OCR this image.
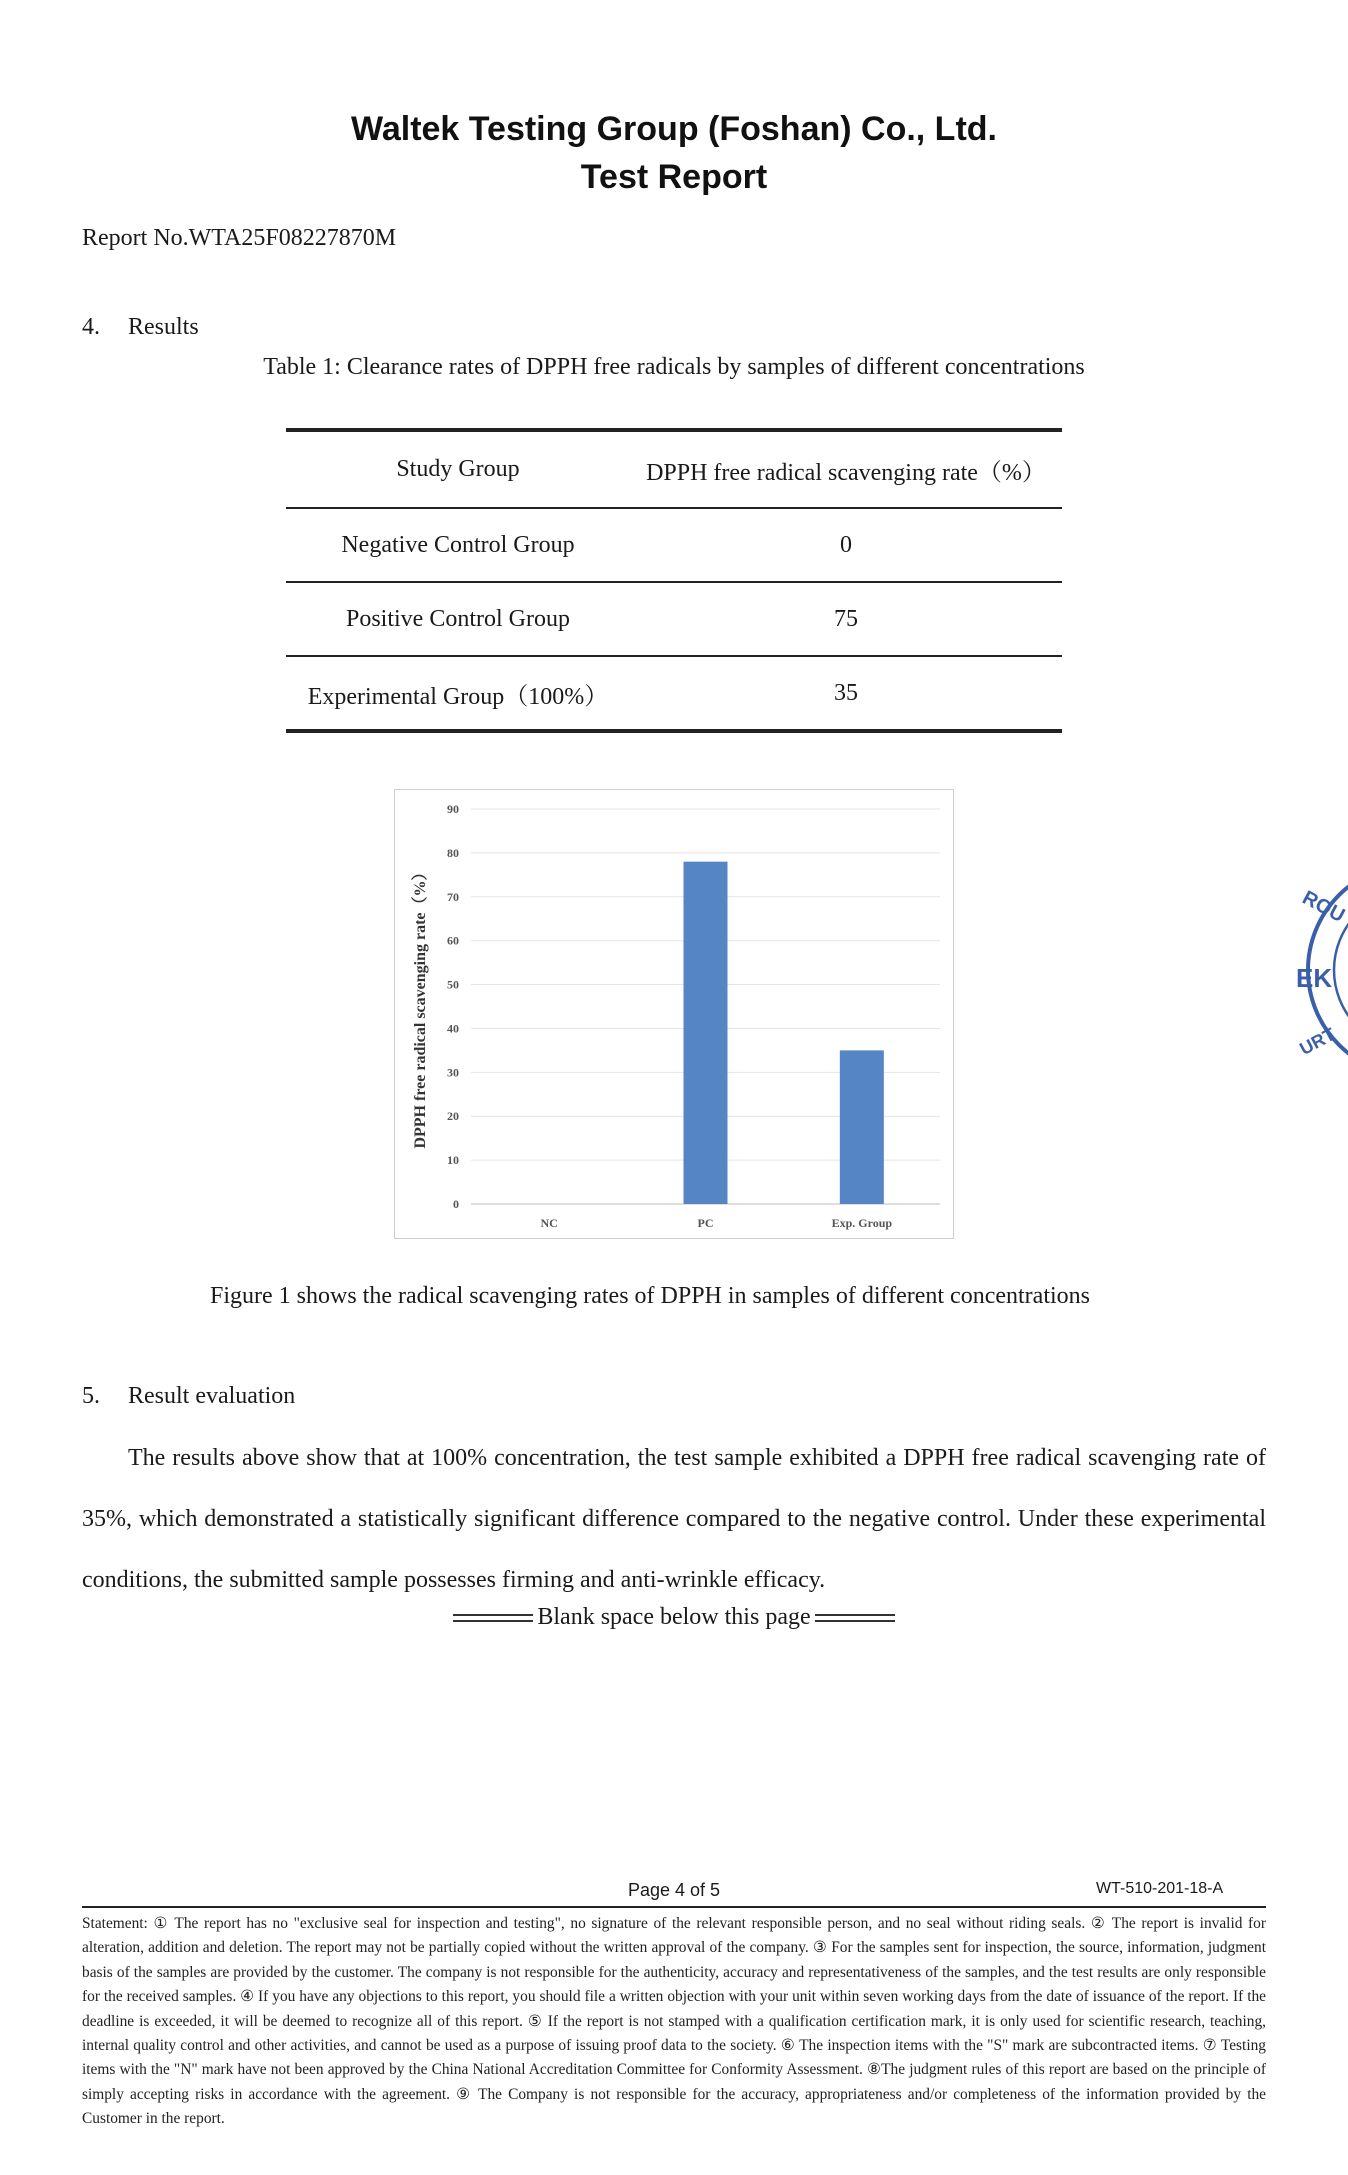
Waltek Testing Group (Foshan) Co., Ltd.
Test Report
Report No.WTA25F08227870M
4. Results
Table 1: Clearance rates of DPPH free radicals by samples of different concentrations
Study Group	DPPH free radical scavenging rate（%）
Negative Control Group	0
Positive Control Group	75
Experimental Group（100%）	35
0
10
20
30
40
50
60
70
80
90
NC	PC	Exp. Group
DPPH free radical scavenging rate（%）
Figure 1 shows the radical scavenging rates of DPPH in samples of different concentrations
5. Result evaluation
The results above show that at 100% concentration, the test sample exhibited a DPPH free radical scavenging rate of 35%, which demonstrated a statistically significant difference compared to the negative control. Under these experimental conditions, the submitted sample possesses firming and anti-wrinkle efficacy.
Blank space below this page
Page 4 of 5	WT-510-201-18-A
Statement: ① The report has no "exclusive seal for inspection and testing", no signature of the relevant responsible person, and no seal without riding seals. ② The report is invalid for alteration, addition and deletion. The report may not be partially copied without the written approval of the company. ③ For the samples sent for inspection, the source, information, judgment basis of the samples are provided by the customer. The company is not responsible for the authenticity, accuracy and representativeness of the samples, and the test results are only responsible for the received samples. ④ If you have any objections to this report, you should file a written objection with your unit within seven working days from the date of issuance of the report. If the deadline is exceeded, it will be deemed to recognize all of this report. ⑤ If the report is not stamped with a qualification certification mark, it is only used for scientific research, teaching, internal quality control and other activities, and cannot be used as a purpose of issuing proof data to the society. ⑥ The inspection items with the "S" mark are subcontracted items. ⑦ Testing items with the "N" mark have not been approved by the China National Accreditation Committee for Conformity Assessment. ⑧The judgment rules of this report are based on the principle of simply accepting risks in accordance with the agreement. ⑨ The Company is not responsible for the accuracy, appropriateness and/or completeness of the information provided by the Customer in the report.
ROU
EK
URT
